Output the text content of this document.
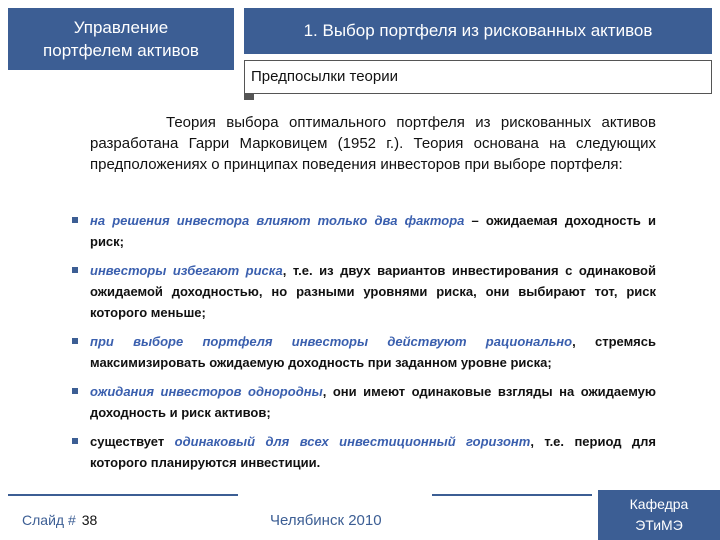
Управление
портфелем активов
1. Выбор портфеля из рискованных активов
Предпосылки теории

Теория выбора оптимального портфеля из рискованных активов разработана Гарри Марковицем (1952 г.). Теория основана на следующих предположениях о принципах поведения инвесторов при выборе портфеля:

на решения инвестора влияют только два фактора – ожидаемая доходность и риск;
инвесторы избегают риска, т.е. из двух вариантов инвестирования с одинаковой ожидаемой доходностью, но разными уровнями риска, они выбирают тот, риск которого меньше;
при выборе портфеля инвесторы действуют рационально, стремясь максимизировать ожидаемую доходность при заданном уровне риска;
ожидания инвесторов однородны, они имеют одинаковые взгляды на ожидаемую доходность и риск активов;
существует одинаковый для всех инвестиционный горизонт, т.е. период для которого планируются инвестиции.
Слайд # 38	Челябинск 2010
Кафедра
ЭТиМЭ
